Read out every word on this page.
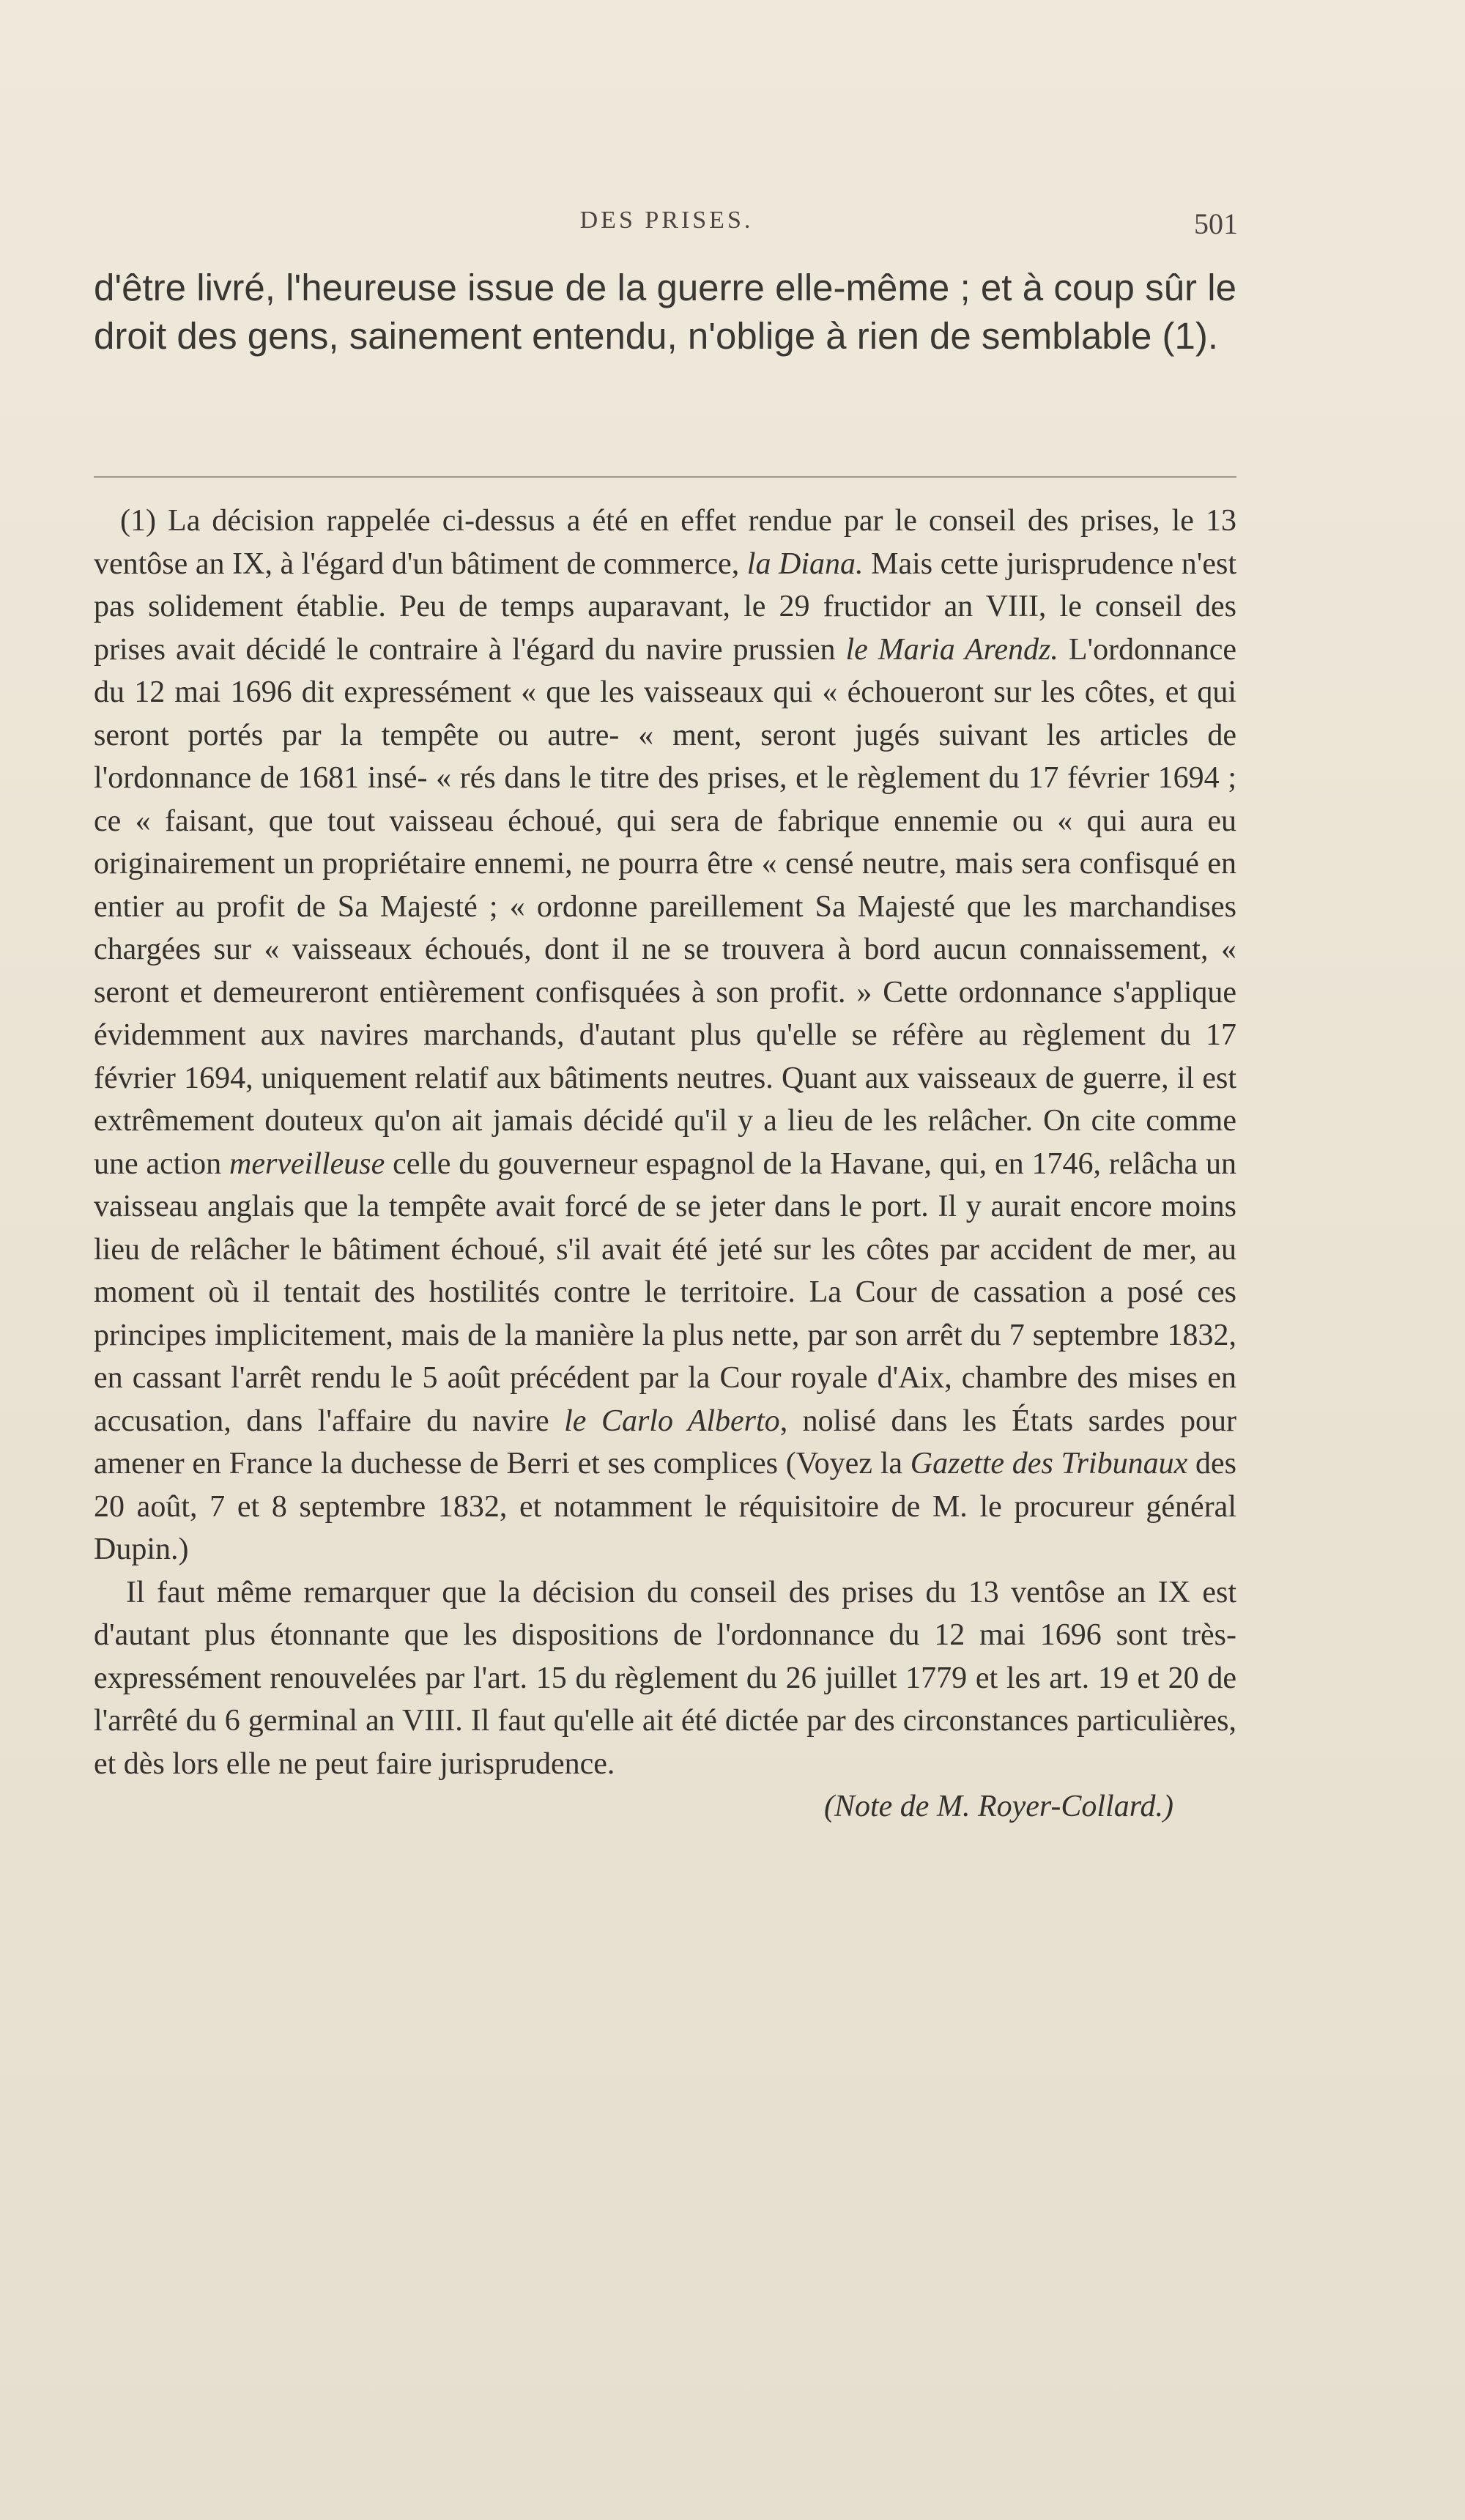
DES PRISES.	501

d'être livré, l'heureuse issue de la guerre elle-même ; et à coup sûr le droit des gens, sainement entendu, n'oblige à rien de semblable (1).

(1) La décision rappelée ci-dessus a été en effet rendue par le conseil des prises, le 13 ventôse an IX, à l'égard d'un bâtiment de commerce, la Diana. Mais cette jurisprudence n'est pas solidement établie. Peu de temps auparavant, le 29 fructidor an VIII, le conseil des prises avait décidé le contraire à l'égard du navire prussien le Maria Arendz. L'ordonnance du 12 mai 1696 dit expressément « que les vaisseaux qui « échoueront sur les côtes, et qui seront portés par la tempête ou autre- « ment, seront jugés suivant les articles de l'ordonnance de 1681 insé- « rés dans le titre des prises, et le règlement du 17 février 1694 ; ce « faisant, que tout vaisseau échoué, qui sera de fabrique ennemie ou « qui aura eu originairement un propriétaire ennemi, ne pourra être « censé neutre, mais sera confisqué en entier au profit de Sa Majesté ; « ordonne pareillement Sa Majesté que les marchandises chargées sur « vaisseaux échoués, dont il ne se trouvera à bord aucun connaissement, « seront et demeureront entièrement confisquées à son profit. » Cette ordonnance s'applique évidemment aux navires marchands, d'autant plus qu'elle se réfère au règlement du 17 février 1694, uniquement relatif aux bâtiments neutres. Quant aux vaisseaux de guerre, il est extrêmement douteux qu'on ait jamais décidé qu'il y a lieu de les relâcher. On cite comme une action merveilleuse celle du gouverneur espagnol de la Havane, qui, en 1746, relâcha un vaisseau anglais que la tempête avait forcé de se jeter dans le port. Il y aurait encore moins lieu de relâcher le bâtiment échoué, s'il avait été jeté sur les côtes par accident de mer, au moment où il tentait des hostilités contre le territoire. La Cour de cassation a posé ces principes implicitement, mais de la manière la plus nette, par son arrêt du 7 septembre 1832, en cassant l'arrêt rendu le 5 août précédent par la Cour royale d'Aix, chambre des mises en accusation, dans l'affaire du navire le Carlo Alberto, nolisé dans les États sardes pour amener en France la duchesse de Berri et ses complices (Voyez la Gazette des Tribunaux des 20 août, 7 et 8 septembre 1832, et notamment le réquisitoire de M. le procureur général Dupin.)

Il faut même remarquer que la décision du conseil des prises du 13 ventôse an IX est d'autant plus étonnante que les dispositions de l'ordonnance du 12 mai 1696 sont très-expressément renouvelées par l'art. 15 du règlement du 26 juillet 1779 et les art. 19 et 20 de l'arrêté du 6 germinal an VIII. Il faut qu'elle ait été dictée par des circonstances particulières, et dès lors elle ne peut faire jurisprudence.

(Note de M. Royer-Collard.)
